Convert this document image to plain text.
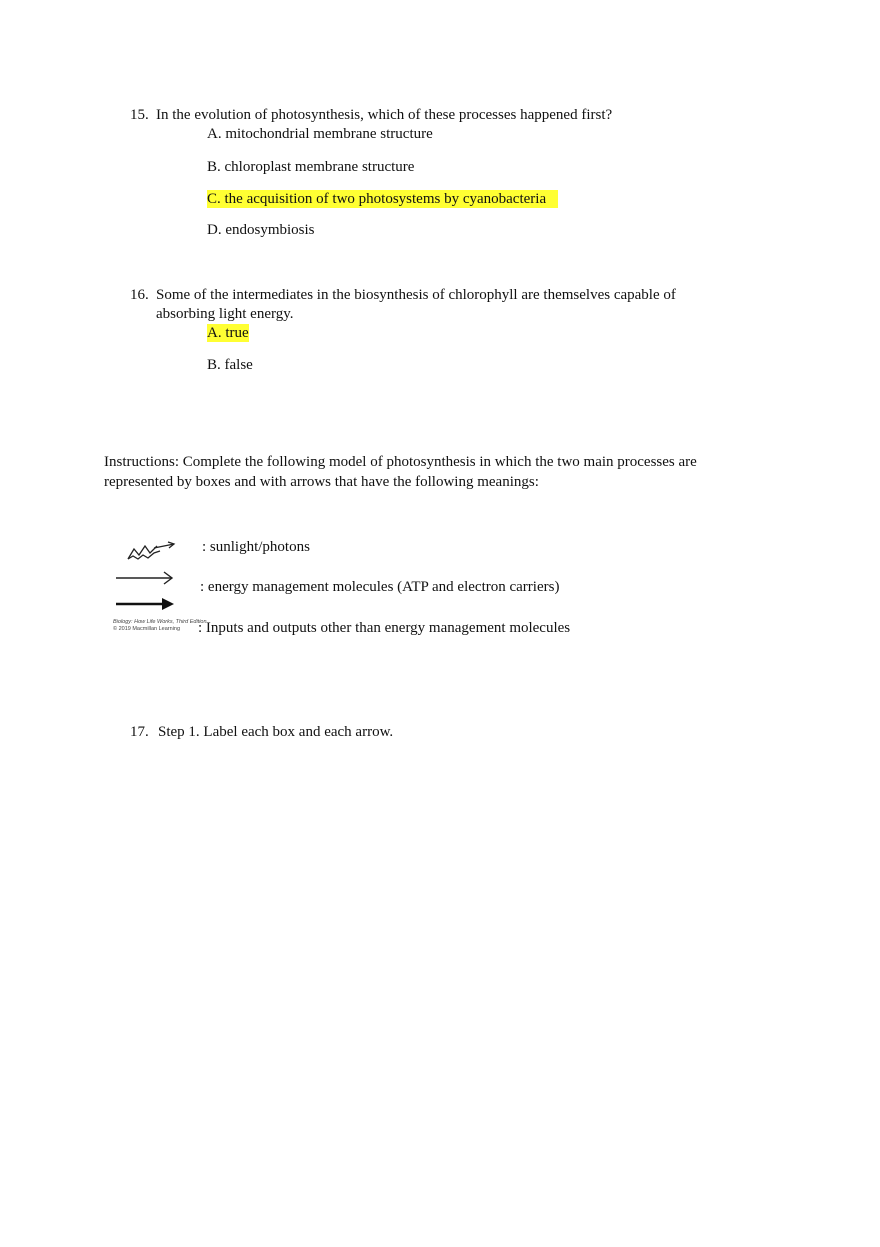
15. In the evolution of photosynthesis, which of these processes happened first?
A. mitochondrial membrane structure
B. chloroplast membrane structure
C. the acquisition of two photosystems by cyanobacteria
D. endosymbiosis
16. Some of the intermediates in the biosynthesis of chlorophyll are themselves capable of
absorbing light energy.
A. true
B. false
Instructions: Complete the following model of photosynthesis in which the two main processes are
represented by boxes and with arrows that have the following meanings:
: sunlight/photons
: energy management molecules (ATP and electron carriers)
Biology: How Life Works, Third Edition
© 2019 Macmillan Learning	: Inputs and outputs other than energy management molecules
17. Step 1. Label each box and each arrow.
